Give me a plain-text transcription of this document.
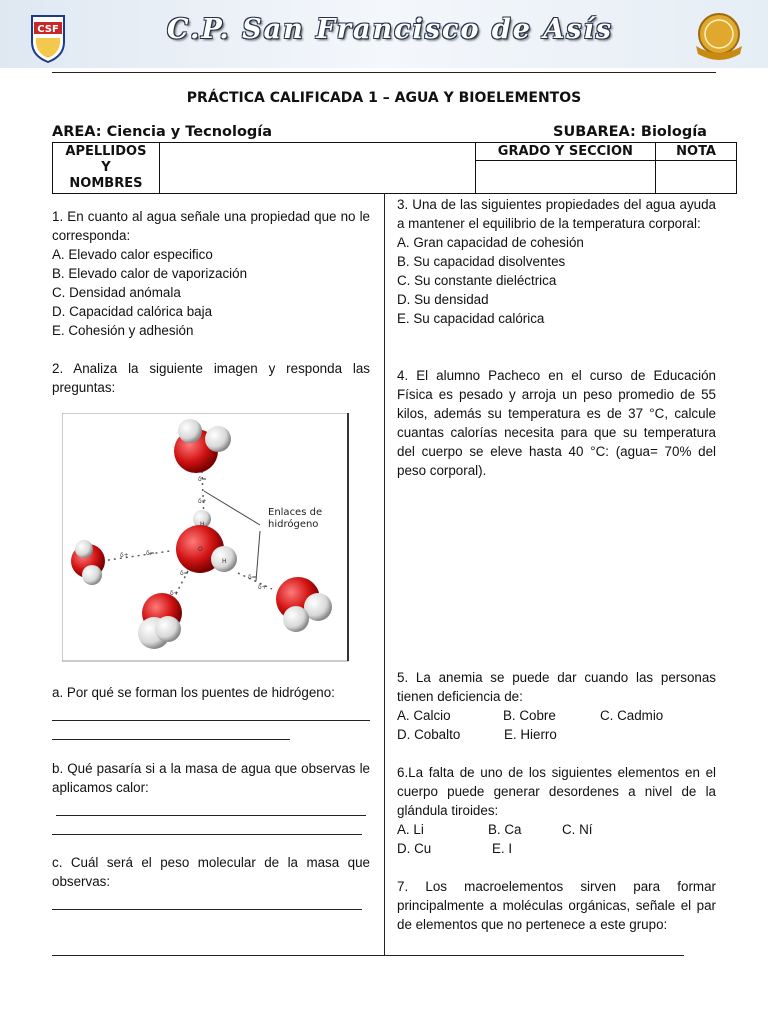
CSF	C.P. San Francisco de Asís
PRÁCTICA CALIFICADA 1 – AGUA Y BIOELEMENTOS
AREA: Ciencia y Tecnología	SUBAREA: Biología
APELLIDOS
Y
NOMBRES		GRADO Y SECCION	NOTA

1. En cuanto al agua señale una propiedad que no le corresponda:
A. Elevado calor especifico
B. Elevado calor de vaporización
C. Densidad anómala
D. Capacidad calórica baja
E. Cohesión y adhesión
2. Analiza la siguiente imagen y responda las preguntas:
δ=
δ+
δ+	δ=
δ=
δ+
δ=
δ+
H
O
H
Enlaces de
hidrógeno
a. Por qué se forman los puentes de hidrógeno:
b. Qué pasaría si a la masa de agua que observas le aplicamos calor:
c. Cuál será el peso molecular de la masa que observas:
3. Una de las siguientes propiedades del agua ayuda a mantener el equilibrio de la temperatura corporal:
A. Gran capacidad de cohesión
B. Su capacidad disolventes
C. Su constante dieléctrica
D. Su densidad
E. Su capacidad calórica
4. El alumno Pacheco en el curso de Educación Física es pesado y arroja un peso promedio de 55 kilos, además su temperatura es de 37 °C, calcule cuantas calorías necesita para que su temperatura del cuerpo se eleve hasta 40 °C: (agua= 70% del peso corporal).
5. La anemia se puede dar cuando las personas tienen deficiencia de:
A. Calcio	B. Cobre	C. Cadmio
D. Cobalto	E. Hierro
6.La falta de uno de los siguientes elementos en el cuerpo puede generar desordenes a nivel de la glándula tiroides:
A. Li	B. Ca	C. Ní
D. Cu	E. I
7. Los macroelementos sirven para formar principalmente a moléculas orgánicas, señale el par de elementos que no pertenece a este grupo:
